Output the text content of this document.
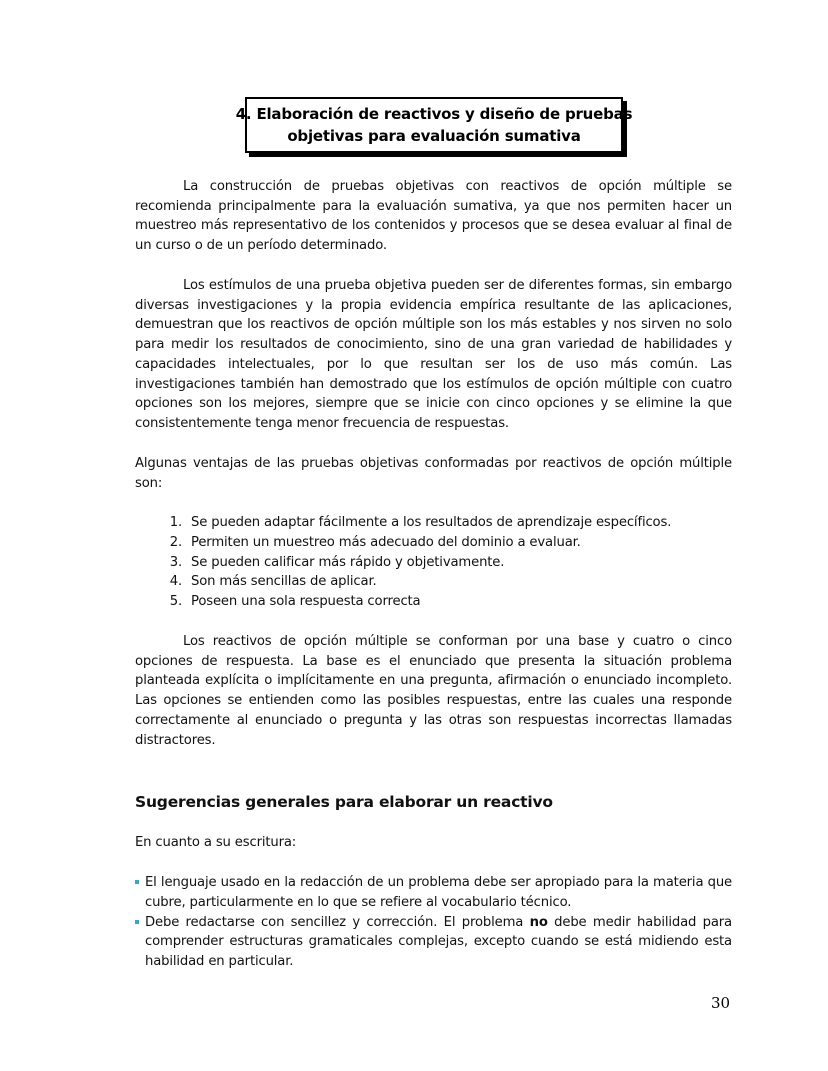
4. Elaboración de reactivos y diseño de pruebas
objetivas para evaluación sumativa

La construcción de pruebas objetivas con reactivos de opción múltiple se recomienda principalmente para la evaluación sumativa, ya que nos permiten hacer un muestreo más representativo de los contenidos y procesos que se desea evaluar al final de un curso o de un período determinado.

Los estímulos de una prueba objetiva pueden ser de diferentes formas, sin embargo diversas investigaciones y la propia evidencia empírica resultante de las aplicaciones, demuestran que los reactivos de opción múltiple son los más estables y nos sirven no solo para medir los resultados de conocimiento, sino de una gran variedad de habilidades y capacidades intelectuales, por lo que resultan ser los de uso más común. Las investigaciones también han demostrado que los estímulos de opción múltiple con cuatro opciones son los mejores, siempre que se inicie con cinco opciones y se elimine la que consistentemente tenga menor frecuencia de respuestas.

Algunas ventajas de las pruebas objetivas conformadas por reactivos de opción múltiple son:

1. Se pueden adaptar fácilmente a los resultados de aprendizaje específicos.
2. Permiten un muestreo más adecuado del dominio a evaluar.
3. Se pueden calificar más rápido y objetivamente.
4. Son más sencillas de aplicar.
5. Poseen una sola respuesta correcta

Los reactivos de opción múltiple se conforman por una base y cuatro o cinco opciones de respuesta. La base es el enunciado que presenta la situación problema planteada explícita o implícitamente en una pregunta, afirmación o enunciado incompleto. Las opciones se entienden como las posibles respuestas, entre las cuales una responde correctamente al enunciado o pregunta y las otras son respuestas incorrectas llamadas distractores.

Sugerencias generales para elaborar un reactivo

En cuanto a su escritura:

El lenguaje usado en la redacción de un problema debe ser apropiado para la materia que cubre, particularmente en lo que se refiere al vocabulario técnico.
Debe redactarse con sencillez y corrección. El problema no debe medir habilidad para comprender estructuras gramaticales complejas, excepto cuando se está midiendo esta habilidad en particular.
30
